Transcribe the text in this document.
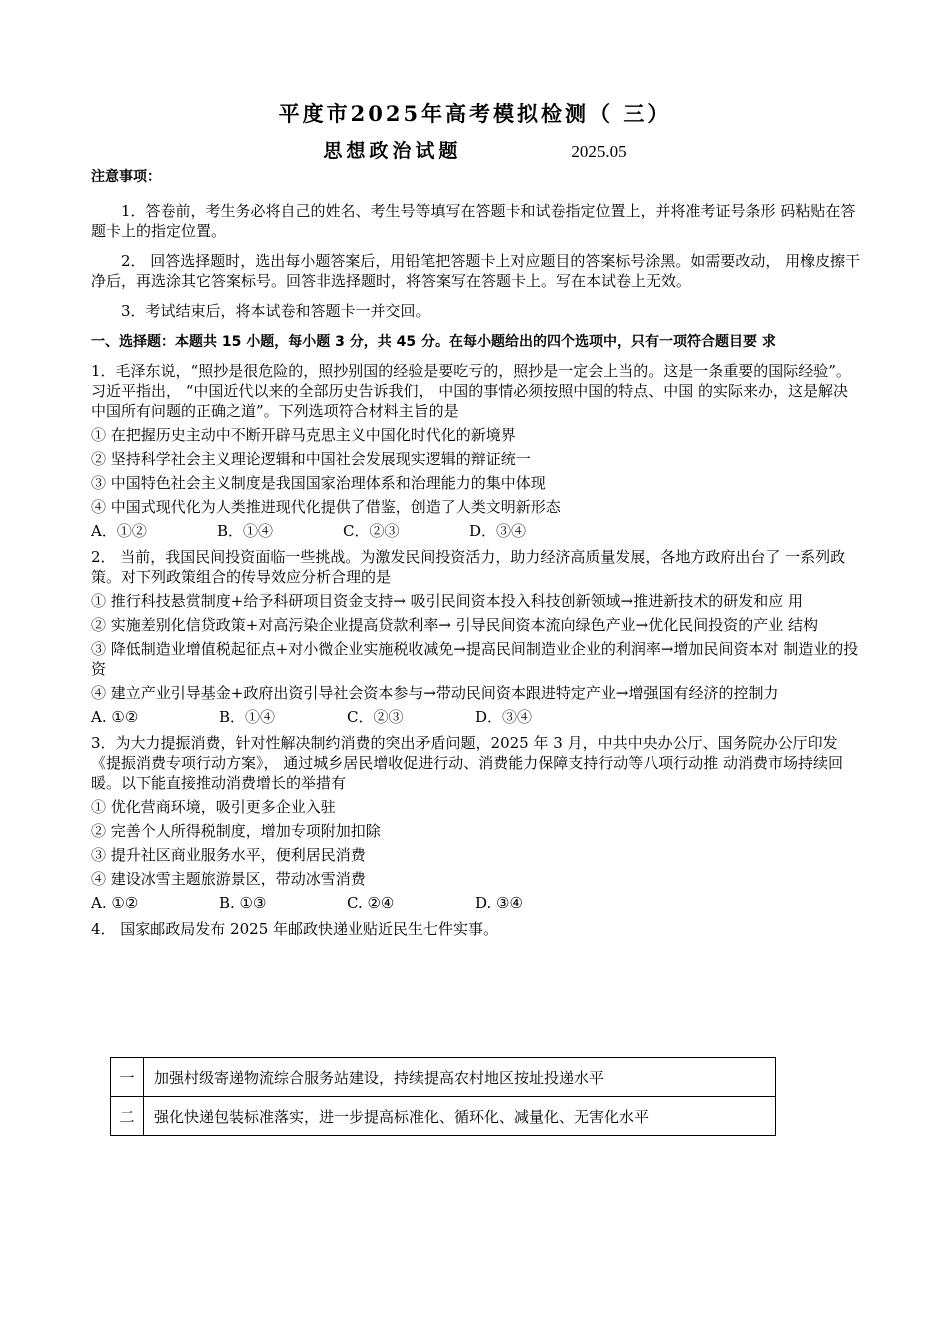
平度市2025年高考模拟检测（ 三）
思想政治试题	2025.05
注意事项：

1．答卷前，考生务必将自己的姓名、考生号等填写在答题卡和试卷指定位置上，并将准考证号条形 码粘贴在答题卡上的指定位置。

2． 回答选择题时，选出每小题答案后，用铅笔把答题卡上对应题目的答案标号涂黑。如需要改动， 用橡皮擦干净后，再选涂其它答案标号。回答非选择题时，将答案写在答题卡上。写在本试卷上无效。

3．考试结束后，将本试卷和答题卡一并交回。

一、选择题：本题共 15 小题，每小题 3 分，共 45 分。在每小题给出的四个选项中，只有一项符合题目要 求

1．毛泽东说，“照抄是很危险的，照抄别国的经验是要吃亏的，照抄是一定会上当的。这是一条重要的国际经验”。习近平指出， “中国近代以来的全部历史告诉我们， 中国的事情必须按照中国的特点、中国 的实际来办，这是解决中国所有问题的正确之道”。下列选项符合材料主旨的是

① 在把握历史主动中不断开辟马克思主义中国化时代化的新境界

② 坚持科学社会主义理论逻辑和中国社会发展现实逻辑的辩证统一

③ 中国特色社会主义制度是我国国家治理体系和治理能力的集中体现

④ 中国式现代化为人类推进现代化提供了借鉴，创造了人类文明新形态

A．①②	B．①④	C．②③	D．③④

2． 当前，我国民间投资面临一些挑战。为激发民间投资活力，助力经济高质量发展，各地方政府出台了 一系列政策。对下列政策组合的传导效应分析合理的是

① 推行科技悬赏制度+给予科研项目资金支持→ 吸引民间资本投入科技创新领域→推进新技术的研发和应 用

② 实施差别化信贷政策+对高污染企业提高贷款利率→ 引导民间资本流向绿色产业→优化民间投资的产业 结构

③ 降低制造业增值税起征点+对小微企业实施税收减免→提高民间制造业企业的利润率→增加民间资本对 制造业的投资

④ 建立产业引导基金+政府出资引导社会资本参与→带动民间资本跟进特定产业→增强国有经济的控制力

A. ①②	B．①④	C．②③	D．③④

3．为大力提振消费，针对性解决制约消费的突出矛盾问题，2025 年 3 月，中共中央办公厅、国务院办公厅印发《提振消费专项行动方案》， 通过城乡居民增收促进行动、消费能力保障支持行动等八项行动推 动消费市场持续回暖。以下能直接推动消费增长的举措有

① 优化营商环境，吸引更多企业入驻

② 完善个人所得税制度，增加专项附加扣除

③ 提升社区商业服务水平，便利居民消费

④ 建设冰雪主题旅游景区，带动冰雪消费

A. ①②	B. ①③	C. ②④	D. ③④

4． 国家邮政局发布 2025 年邮政快递业贴近民生七件实事。

一	加强村级寄递物流综合服务站建设，持续提高农村地区按址投递水平
二	强化快递包装标准落实，进一步提高标准化、循环化、减量化、无害化水平
